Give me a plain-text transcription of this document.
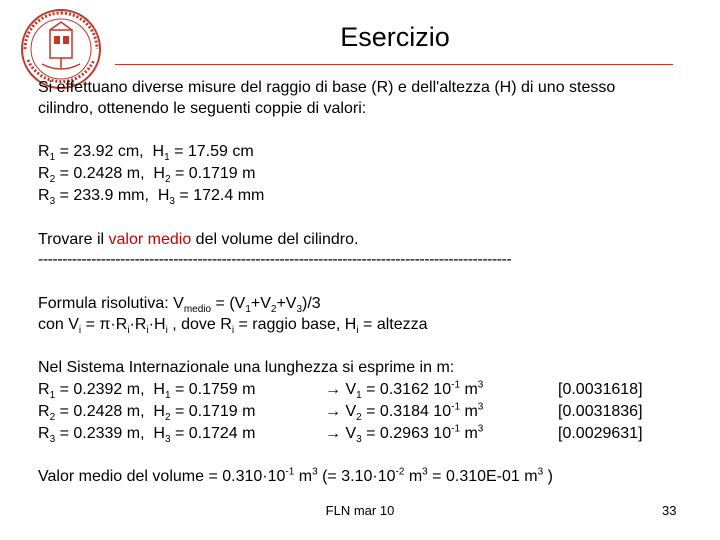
Esercizio
Si effettuano diverse misure del raggio di base (R) e dell'altezza (H) di uno stesso
cilindro, ottenendo le seguenti coppie di valori:
$R_1 = 23.92$ cm,  $H_1 = 17.59$ cm
$R_2 = 0.2428$ m,  $H_2 = 0.1719$ m
$R_3 = 233.9$ mm,  $H_3 = 172.4$ mm
Trovare il valor medio del volume del cilindro.
--------------------------------------------------------------------------------------------------
Formula risolutiva: $V_{medio} = (V_1+V_2+V_3)/3$
con $V_i = \pi\cdot R_i\cdot R_i\cdot H_i$ , dove $R_i$ = raggio base, $H_i$ = altezza
Nel Sistema Internazionale una lunghezza si esprime in m:
$R_1 = 0.2392$ m,  $H_1 = 0.1759$ m	→ $V_1 = 0.3162$ $10^{-1}$ $m^3$	[0.0031618]
$R_2 = 0.2428$ m,  $H_2 = 0.1719$ m	→ $V_2 = 0.3184$ $10^{-1}$ $m^3$	[0.0031836]
$R_3 = 0.2339$ m,  $H_3 = 0.1724$ m	→ $V_3 = 0.2963$ $10^{-1}$ $m^3$	[0.0029631]
Valor medio del volume = $0.310\cdot 10^{-1}$ $m^3$ (= $3.10\cdot 10^{-2}$ $m^3 = 0.310E-01$ $m^3$ )
FLN mar 10	33
